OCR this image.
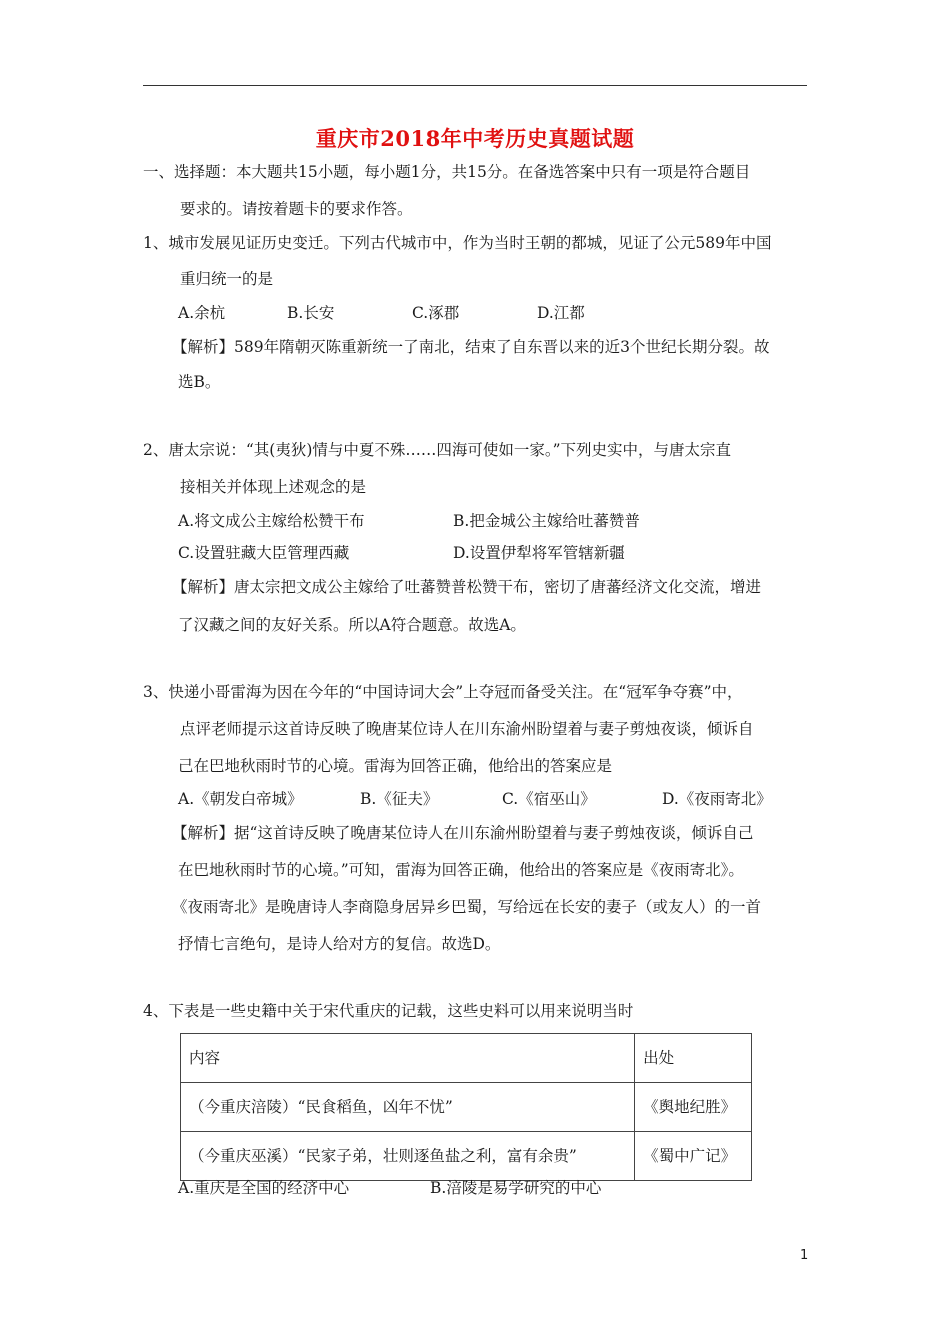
重庆市2018年中考历史真题试题
一、选择题：本大题共15小题，每小题1分，共15分。在备选答案中只有一项是符合题目
要求的。请按着题卡的要求作答。
1、城市发展见证历史变迁。下列古代城市中，作为当时王朝的都城，见证了公元589年中国
重归统一的是
A.余杭	B.长安	C.涿郡	D.江都
【解析】589年隋朝灭陈重新统一了南北，结束了自东晋以来的近3个世纪长期分裂。故
选B。
2、唐太宗说：“其(夷狄)情与中夏不殊……四海可使如一家。”下列史实中，与唐太宗直
接相关并体现上述观念的是
A.将文成公主嫁给松赞干布	B.把金城公主嫁给吐蕃赞普
C.设置驻藏大臣管理西藏	D.设置伊犁将军管辖新疆
【解析】唐太宗把文成公主嫁给了吐蕃赞普松赞干布，密切了唐蕃经济文化交流，增进
了汉藏之间的友好关系。所以A符合题意。故选A。
3、快递小哥雷海为因在今年的“中国诗词大会”上夺冠而备受关注。在“冠军争夺赛”中，
点评老师提示这首诗反映了晚唐某位诗人在川东渝州盼望着与妻子剪烛夜谈，倾诉自
己在巴地秋雨时节的心境。雷海为回答正确，他给出的答案应是
A.《朝发白帝城》	B.《征夫》	C.《宿巫山》	D.《夜雨寄北》
【解析】据“这首诗反映了晚唐某位诗人在川东渝州盼望着与妻子剪烛夜谈，倾诉自己
在巴地秋雨时节的心境。”可知，雷海为回答正确，他给出的答案应是《夜雨寄北》。
《夜雨寄北》是晚唐诗人李商隐身居异乡巴蜀，写给远在长安的妻子（或友人）的一首
抒情七言绝句，是诗人给对方的复信。故选D。
4、下表是一些史籍中关于宋代重庆的记载，这些史料可以用来说明当时
内容	出处
（今重庆涪陵）“民食稻鱼，凶年不忧”	《舆地纪胜》
（今重庆巫溪）“民家子弟，壮则逐鱼盐之利，富有余贵”	《蜀中广记》
A.重庆是全国的经济中心	B.涪陵是易学研究的中心
1
